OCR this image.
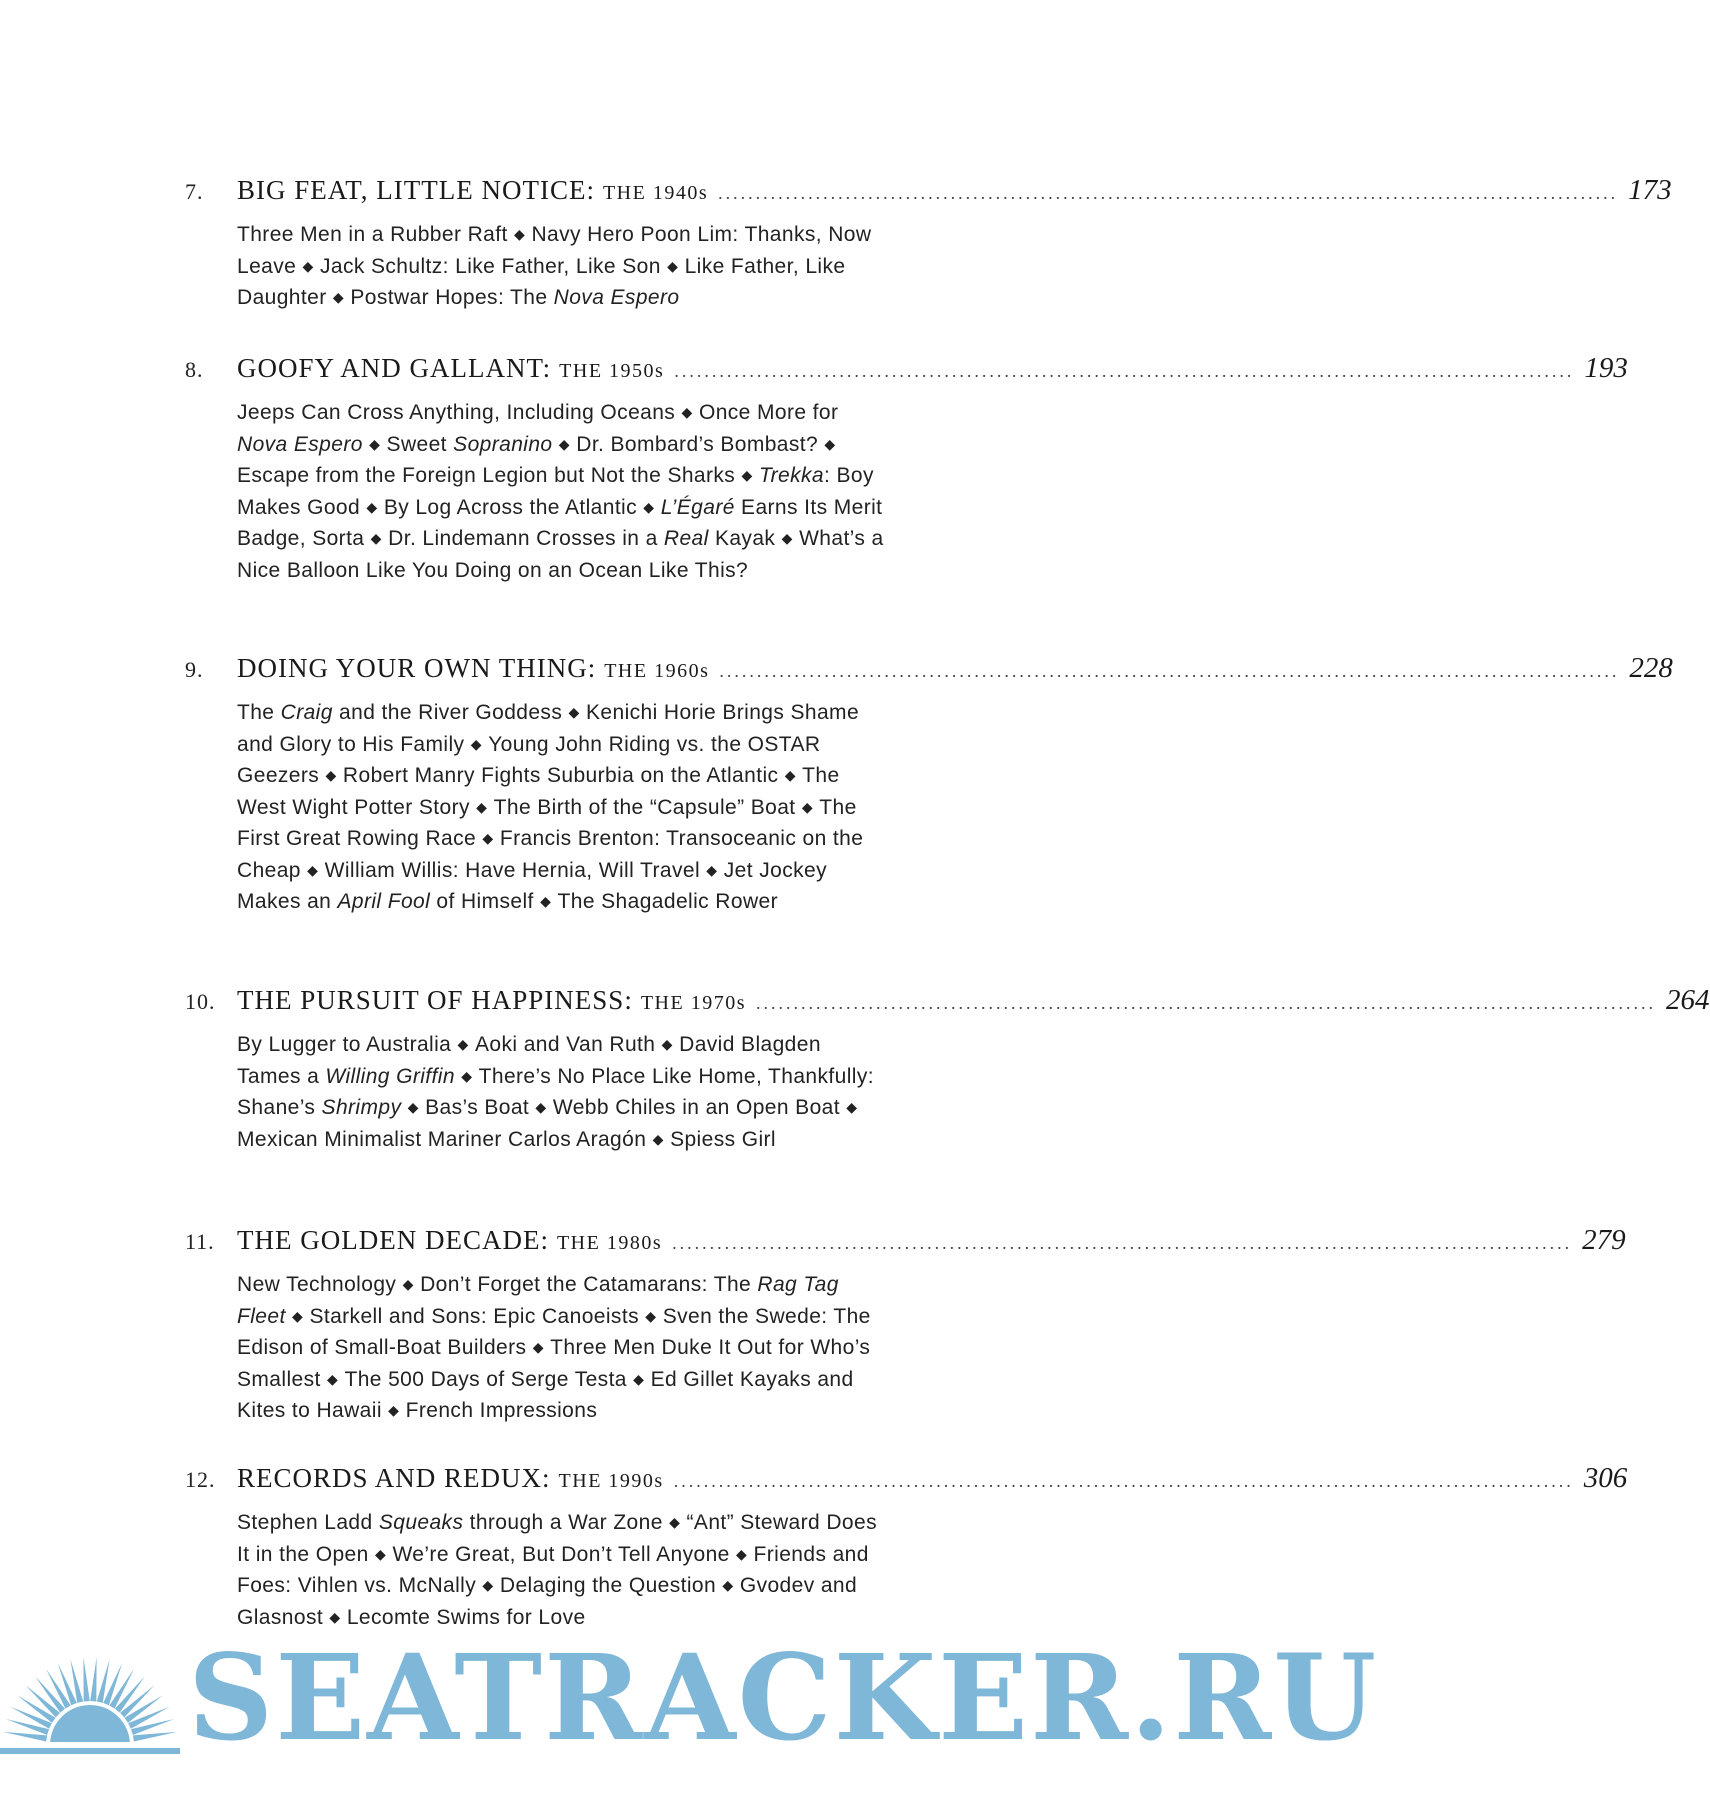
7.	BIG FEAT, LITTLE NOTICE: THE 1940s ........................................................................................................................ 173
Three Men in a Rubber Raft ◆ Navy Hero Poon Lim: Thanks, Now Leave ◆ Jack Schultz: Like Father, Like Son ◆ Like Father, Like Daughter ◆ Postwar Hopes: The Nova Espero
8.	GOOFY AND GALLANT: THE 1950s ........................................................................................................................ 193
Jeeps Can Cross Anything, Including Oceans ◆ Once More for Nova Espero ◆ Sweet Sopranino ◆ Dr. Bombard’s Bombast? ◆ Escape from the Foreign Legion but Not the Sharks ◆ Trekka: Boy Makes Good ◆ By Log Across the Atlantic ◆ L’Égaré Earns Its Merit Badge, Sorta ◆ Dr. Lindemann Crosses in a Real Kayak ◆ What’s a Nice Balloon Like You Doing on an Ocean Like This?
9.	DOING YOUR OWN THING: THE 1960s ........................................................................................................................ 228
The Craig and the River Goddess ◆ Kenichi Horie Brings Shame and Glory to His Family ◆ Young John Riding vs. the OSTAR Geezers ◆ Robert Manry Fights Suburbia on the Atlantic ◆ The West Wight Potter Story ◆ The Birth of the “Capsule” Boat ◆ The First Great Rowing Race ◆ Francis Brenton: Transoceanic on the Cheap ◆ William Willis: Have Hernia, Will Travel ◆ Jet Jockey Makes an April Fool of Himself ◆ The Shagadelic Rower
10. THE PURSUIT OF HAPPINESS: THE 1970s ........................................................................................................................ 264
By Lugger to Australia ◆ Aoki and Van Ruth ◆ David Blagden Tames a Willing Griffin ◆ There’s No Place Like Home, Thankfully: Shane’s Shrimpy ◆ Bas’s Boat ◆ Webb Chiles in an Open Boat ◆ Mexican Minimalist Mariner Carlos Aragón ◆ Spiess Girl
11. THE GOLDEN DECADE: THE 1980s ........................................................................................................................ 279
New Technology ◆ Don’t Forget the Catamarans: The Rag Tag Fleet ◆ Starkell and Sons: Epic Canoeists ◆ Sven the Swede: The Edison of Small-Boat Builders ◆ Three Men Duke It Out for Who’s Smallest ◆ The 500 Days of Serge Testa ◆ Ed Gillet Kayaks and Kites to Hawaii ◆ French Impressions
12. RECORDS AND REDUX: THE 1990s ........................................................................................................................ 306
Stephen Ladd Squeaks through a War Zone ◆ “Ant” Steward Does It in the Open ◆ We’re Great, But Don’t Tell Anyone ◆ Friends and Foes: Vihlen vs. McNally ◆ Delaging the Question ◆ Gvodev and Glasnost ◆ Lecomte Swims for Love
SEATRACKER.RU
